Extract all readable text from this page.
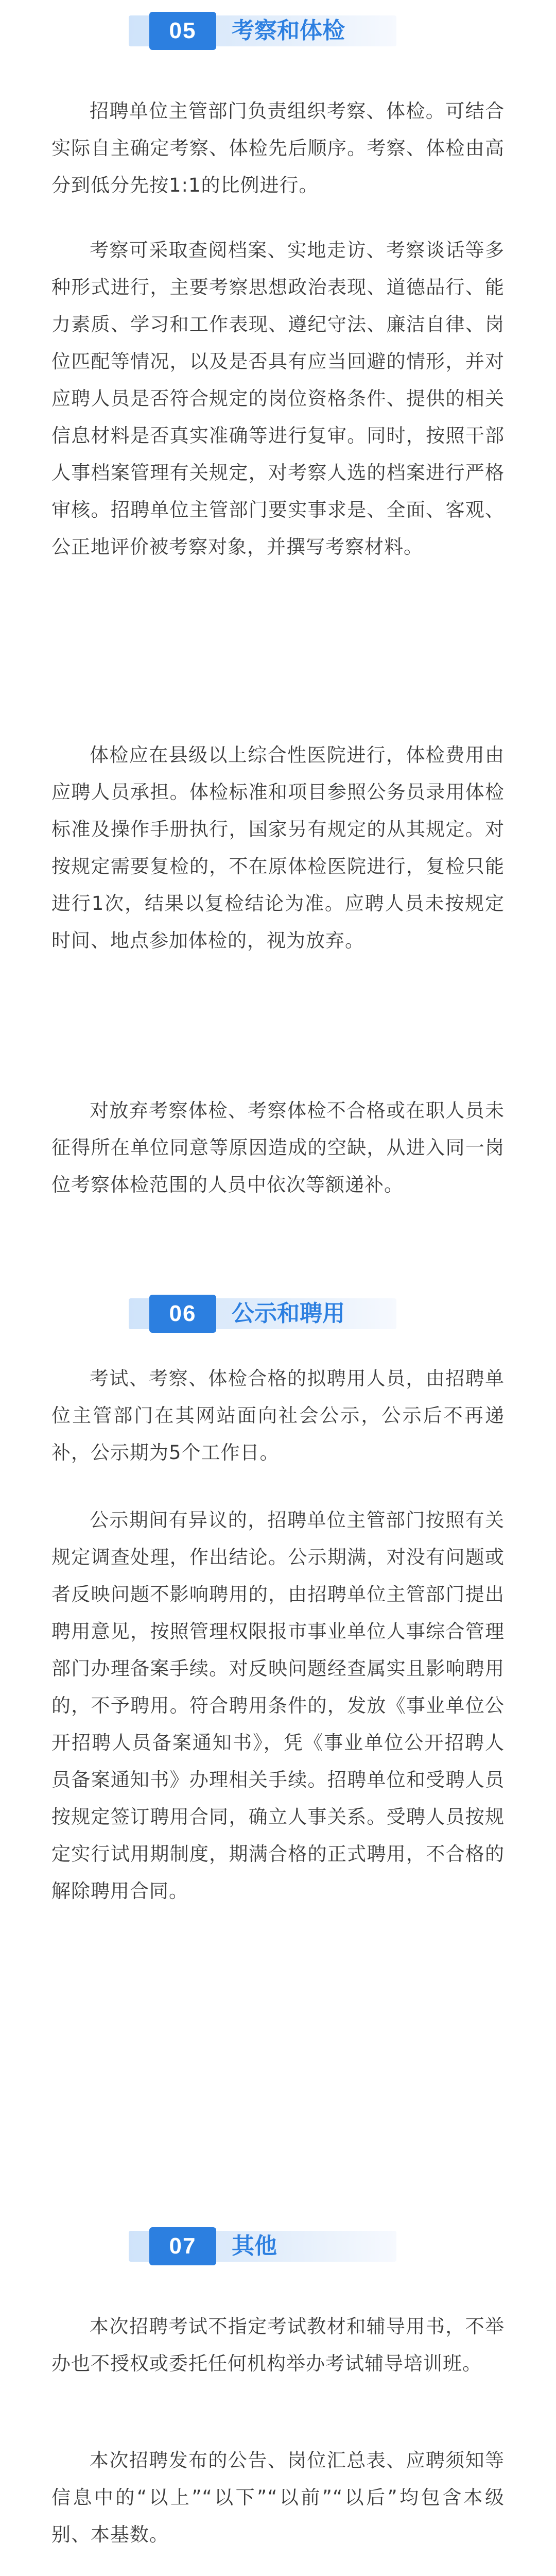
05	考察和体检

招聘单位主管部门负责组织考察、体检。可结合实际自主确定考察、体检先后顺序。考察、体检由高分到低分先按1:1的比例进行。

考察可采取查阅档案、实地走访、考察谈话等多种形式进行，主要考察思想政治表现、道德品行、能力素质、学习和工作表现、遵纪守法、廉洁自律、岗位匹配等情况，以及是否具有应当回避的情形，并对应聘人员是否符合规定的岗位资格条件、提供的相关信息材料是否真实准确等进行复审。同时，按照干部人事档案管理有关规定，对考察人选的档案进行严格审核。招聘单位主管部门要实事求是、全面、客观、公正地评价被考察对象，并撰写考察材料。

体检应在县级以上综合性医院进行，体检费用由应聘人员承担。体检标准和项目参照公务员录用体检标准及操作手册执行，国家另有规定的从其规定。对按规定需要复检的，不在原体检医院进行，复检只能进行1次，结果以复检结论为准。应聘人员未按规定时间、地点参加体检的，视为放弃。

对放弃考察体检、考察体检不合格或在职人员未征得所在单位同意等原因造成的空缺，从进入同一岗位考察体检范围的人员中依次等额递补。

06	公示和聘用

考试、考察、体检合格的拟聘用人员，由招聘单位主管部门在其网站面向社会公示，公示后不再递补，公示期为5个工作日。

公示期间有异议的，招聘单位主管部门按照有关规定调查处理，作出结论。公示期满，对没有问题或者反映问题不影响聘用的，由招聘单位主管部门提出聘用意见，按照管理权限报市事业单位人事综合管理部门办理备案手续。对反映问题经查属实且影响聘用的，不予聘用。符合聘用条件的，发放《事业单位公开招聘人员备案通知书》，凭《事业单位公开招聘人员备案通知书》办理相关手续。招聘单位和受聘人员按规定签订聘用合同，确立人事关系。受聘人员按规定实行试用期制度，期满合格的正式聘用，不合格的解除聘用合同。

07	其他

本次招聘考试不指定考试教材和辅导用书，不举办也不授权或委托任何机构举办考试辅导培训班。

本次招聘发布的公告、岗位汇总表、应聘须知等信息中的“以上”“以下”“以前”“以后”均包含本级别、本基数。
